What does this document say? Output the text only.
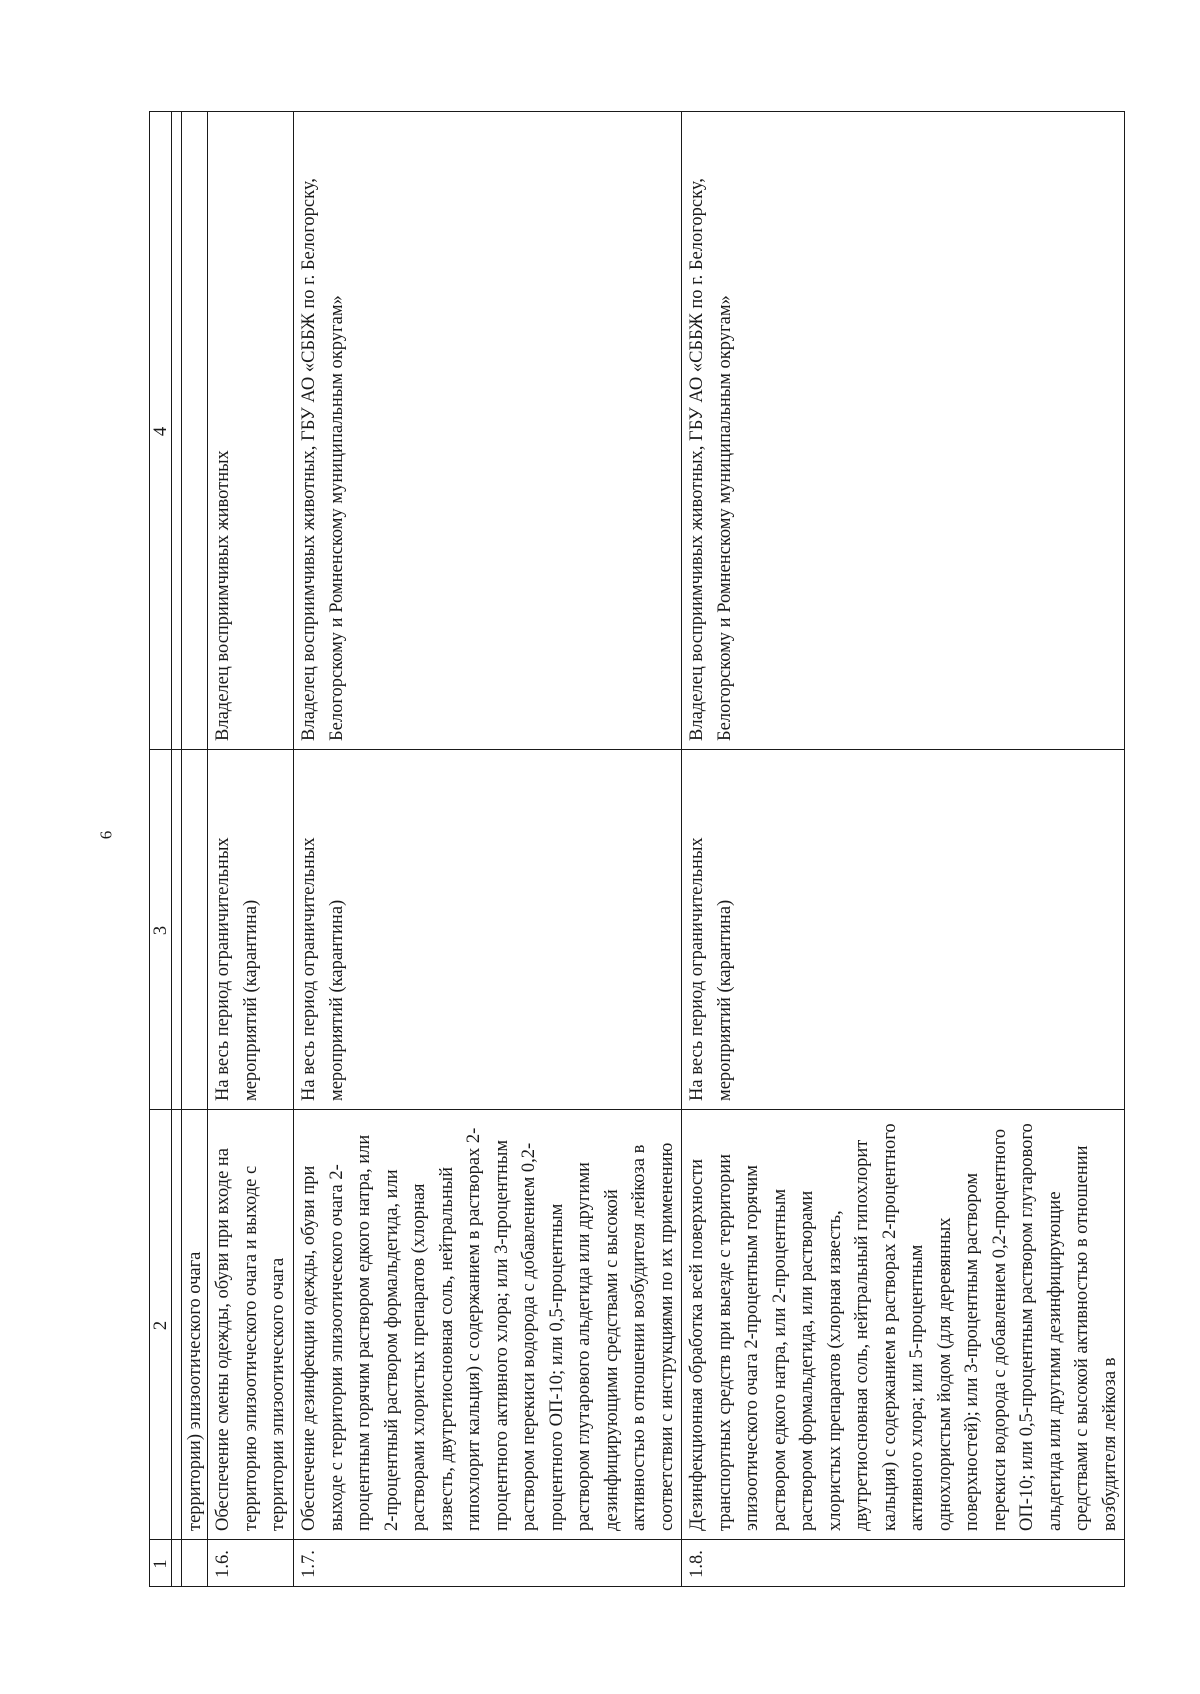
6
1	2	3	4

	территории) эпизоотического очага		
1.6.	Обеспечение смены одежды, обуви при входе на территорию эпизоотического очага и выходе с территории эпизоотического очага	На весь период ограничительных мероприятий (карантина)	Владелец восприимчивых животных
1.7.	Обеспечение дезинфекции одежды, обуви при выходе с территории эпизоотического очага 2-процентным горячим раствором едкого натра, или 2-процентный раствором формальдегида, или растворами хлористых препаратов (хлорная известь, двутретиосновная соль, нейтральный гипохлорит кальция) с содержанием в растворах 2-процентного активного хлора; или 3-процентным раствором перекиси водорода с добавлением 0,2-процентного ОП-10; или 0,5-процентным раствором глутарового альдегида или другими дезинфицирующими средствами с высокой активностью в отношении возбудителя лейкоза в соответствии с инструкциями по их применению	На весь период ограничительных мероприятий (карантина)	Владелец восприимчивых животных, ГБУ АО «СББЖ по г. Белогорску, Белогорскому и Ромненскому муниципальным округам»
1.8.	Дезинфекционная обработка всей поверхности транспортных средств при выезде с территории эпизоотического очага 2-процентным горячим раствором едкого натра, или 2-процентным раствором формальдегида, или растворами хлористых препаратов (хлорная известь, двутретиосновная соль, нейтральный гипохлорит кальция) с содержанием в растворах 2-процентного активного хлора; или 5-процентным однохлористым йодом (для деревянных поверхностей); или 3-процентным раствором перекиси водорода с добавлением 0,2-процентного ОП-10; или 0,5-процентным раствором глутарового альдегида или другими дезинфицирующие средствами с высокой активностью в отношении возбудителя лейкоза в	На весь период ограничительных мероприятий (карантина)	Владелец восприимчивых животных, ГБУ АО «СББЖ по г. Белогорску, Белогорскому и Ромненскому муниципальным округам»
